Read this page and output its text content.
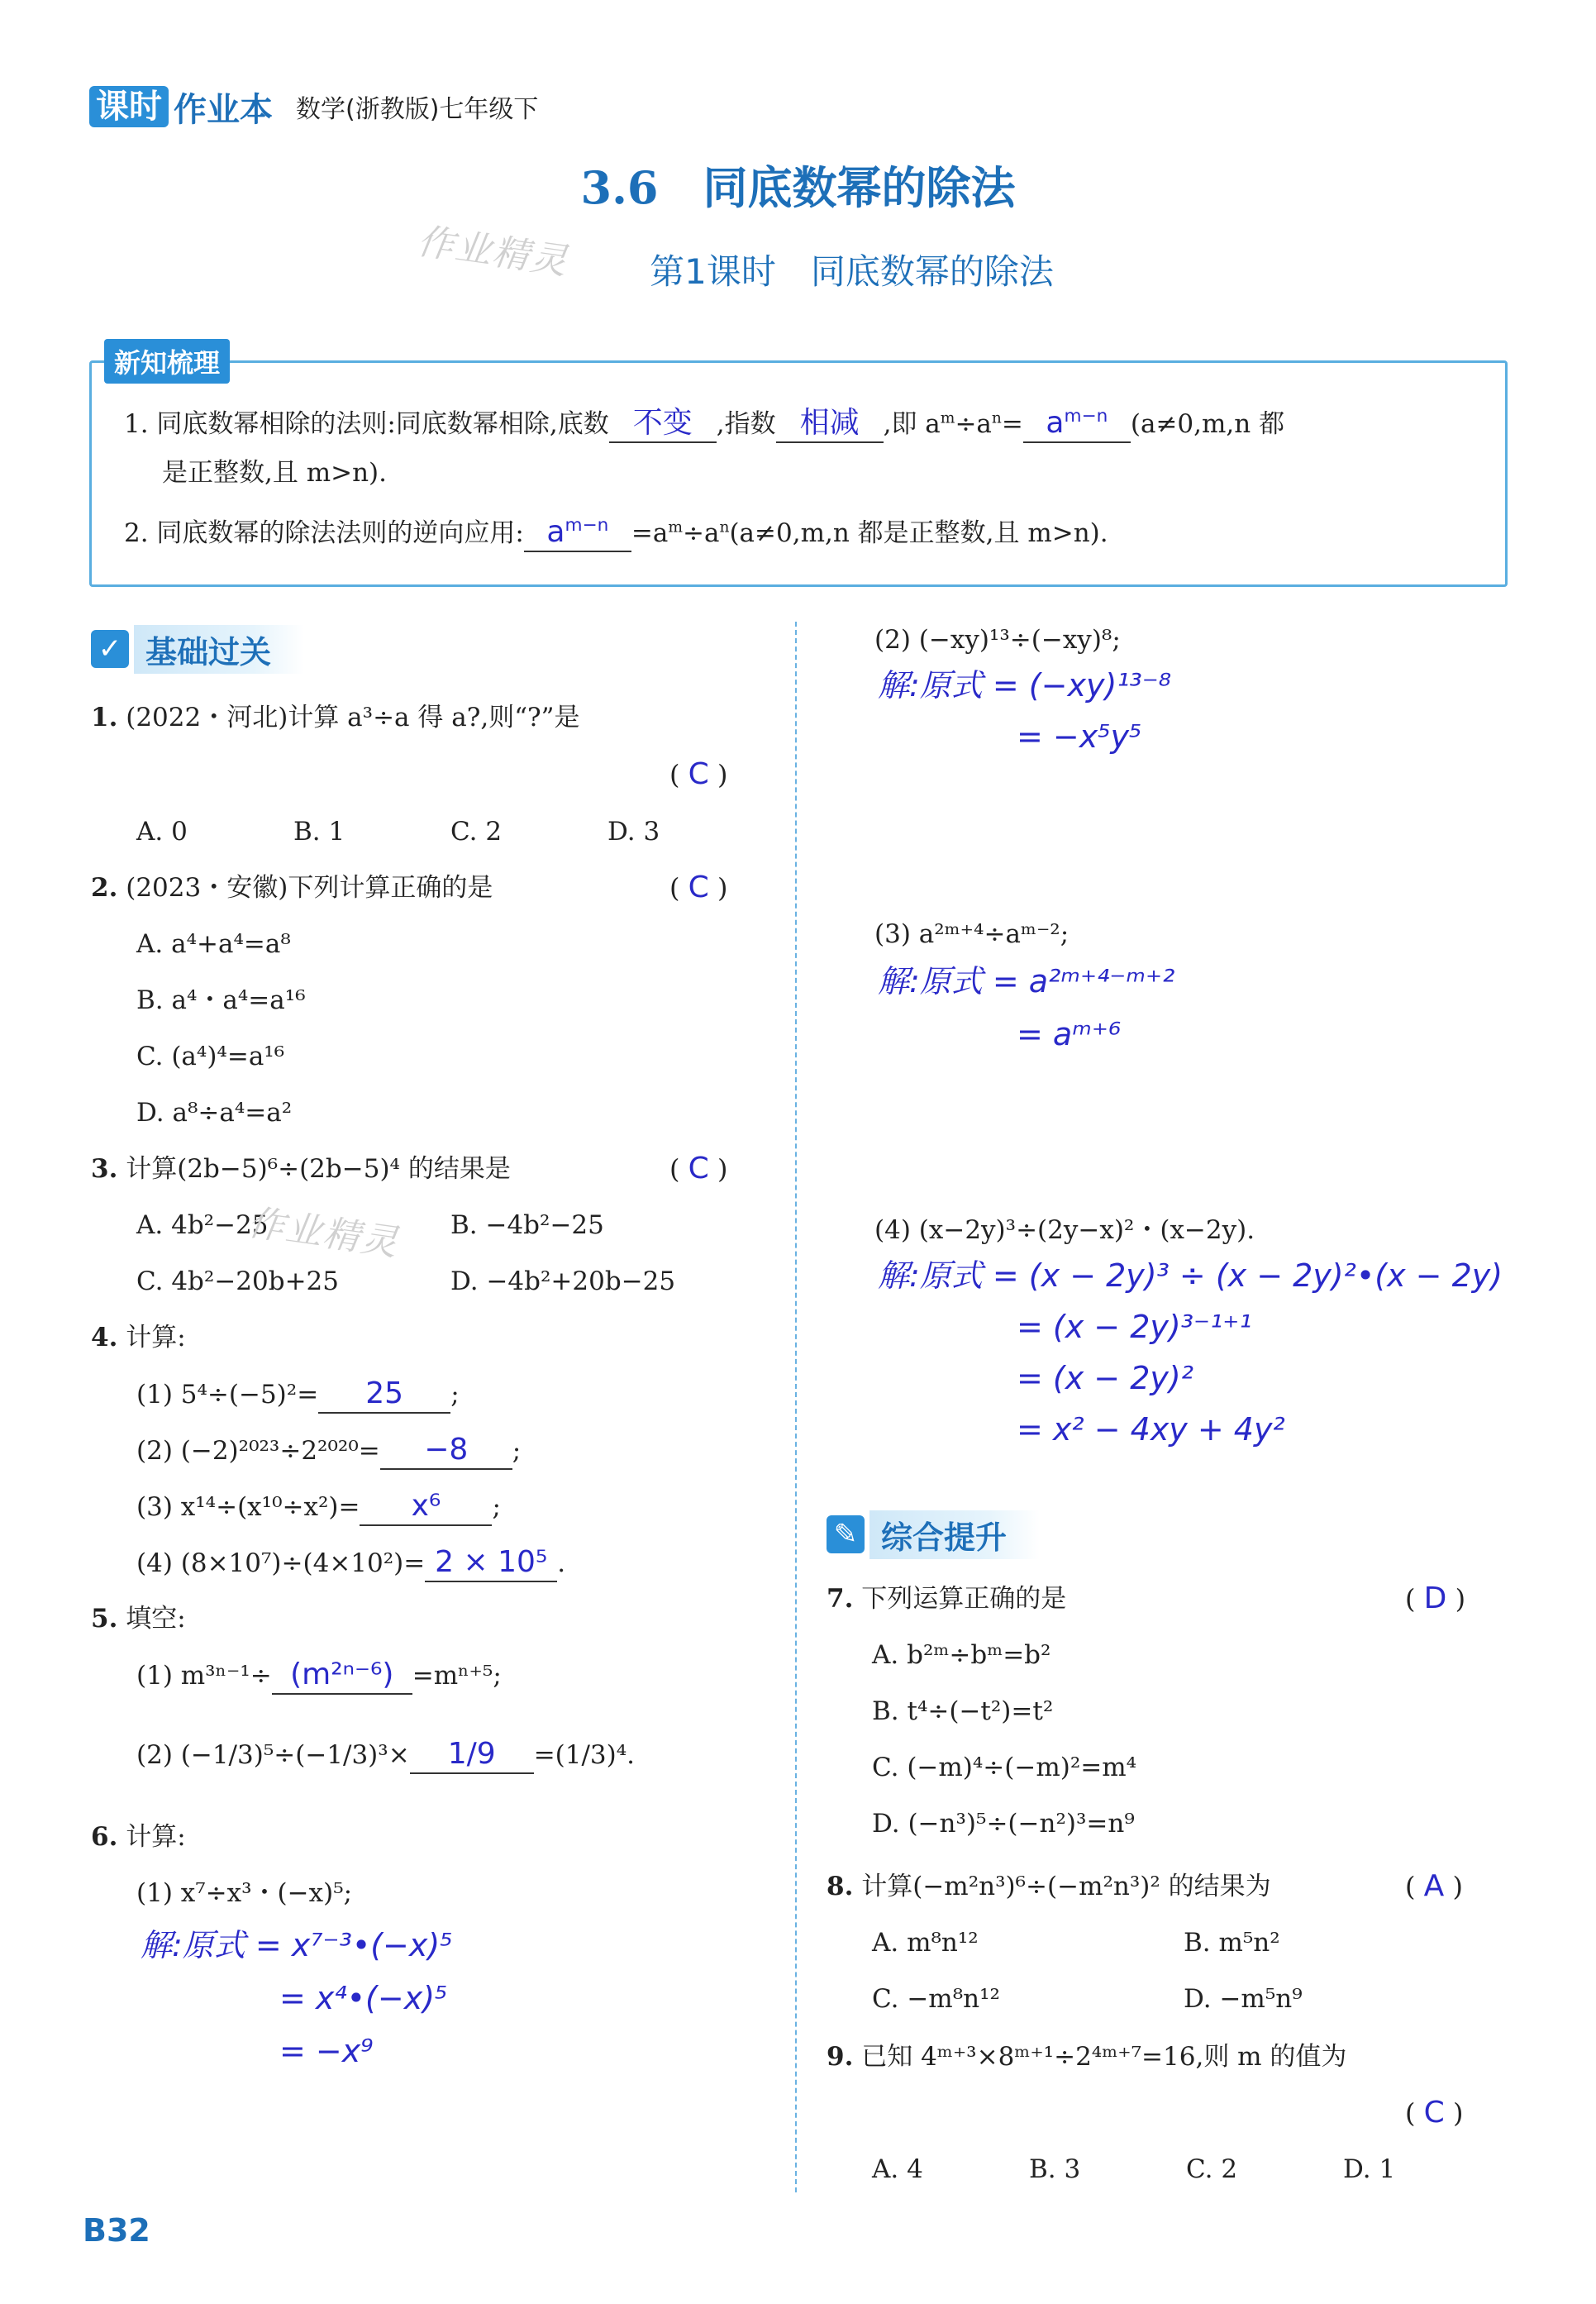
课时 作业本 数学(浙教版)七年级下
3.6　同底数幂的除法
作业精灵	第1课时　同底数幂的除法
新知梳理
1. 同底数幂相除的法则:同底数幂相除,底数 不变 ,指数 相减 ,即 $a^m\div a^n= a^{m-n}$ (a≠0,m,n 都
是正整数,且 m>n).
2. 同底数幂的除法法则的逆向应用: $a^{m-n} =a^m\div a^n(a\ne 0,m,n$ 都是正整数,且 m>n).
✓ 基础过关
1. (2022・河北)计算 a³÷a 得 a?,则“?”是
( C )
A. 0	B. 1	C. 2	D. 3
2. (2023・安徽)下列计算正确的是	( C )
A. a⁴+a⁴=a⁸
B. a⁴・a⁴=a¹⁶
C. (a⁴)⁴=a¹⁶
D. a⁸÷a⁴=a²
3. 计算(2b−5)⁶÷(2b−5)⁴ 的结果是	( C )
A. 4b²−25	B. −4b²−25
作业精灵
C. 4b²−20b+25	D. −4b²+20b−25
4. 计算:
(1) 5⁴÷(−5)²= 25 ;
(2) (−2)²⁰²³÷2²⁰²⁰= −8 ;
(3) x¹⁴÷(x¹⁰÷x²)= x⁶ ;
(4) (8×10⁷)÷(4×10²)= 2 × 10⁵ .
5. 填空:
(1) m³ⁿ⁻¹÷ (m²ⁿ⁻⁶) =mⁿ⁺⁵;
(2) (−1/3)⁵÷(−1/3)³× 1/9 =(1/3)⁴.
6. 计算:
(1) x⁷÷x³・(−x)⁵;
解:原式 = x⁷⁻³•(−x)⁵
= x⁴•(−x)⁵
= −x⁹
(2) (−xy)¹³÷(−xy)⁸;
解:原式 = (−xy)¹³⁻⁸
= −x⁵y⁵
(3) a²ᵐ⁺⁴÷aᵐ⁻²;
解:原式 = a²ᵐ⁺⁴⁻ᵐ⁺²
= aᵐ⁺⁶
(4) (x−2y)³÷(2y−x)²・(x−2y).
解:原式 = (x − 2y)³ ÷ (x − 2y)²•(x − 2y)
= (x − 2y)³⁻¹⁺¹
= (x − 2y)²
= x² − 4xy + 4y²
✎ 综合提升
7. 下列运算正确的是	( D )
A. b²ᵐ÷bᵐ=b²
B. t⁴÷(−t²)=t²
C. (−m)⁴÷(−m)²=m⁴
D. (−n³)⁵÷(−n²)³=n⁹
8. 计算(−m²n³)⁶÷(−m²n³)² 的结果为	( A )
A. m⁸n¹²	B. m⁵n²
C. −m⁸n¹²	D. −m⁵n⁹
9. 已知 4ᵐ⁺³×8ᵐ⁺¹÷2⁴ᵐ⁺⁷=16,则 m 的值为
( C )
A. 4	B. 3	C. 2	D. 1
B32
